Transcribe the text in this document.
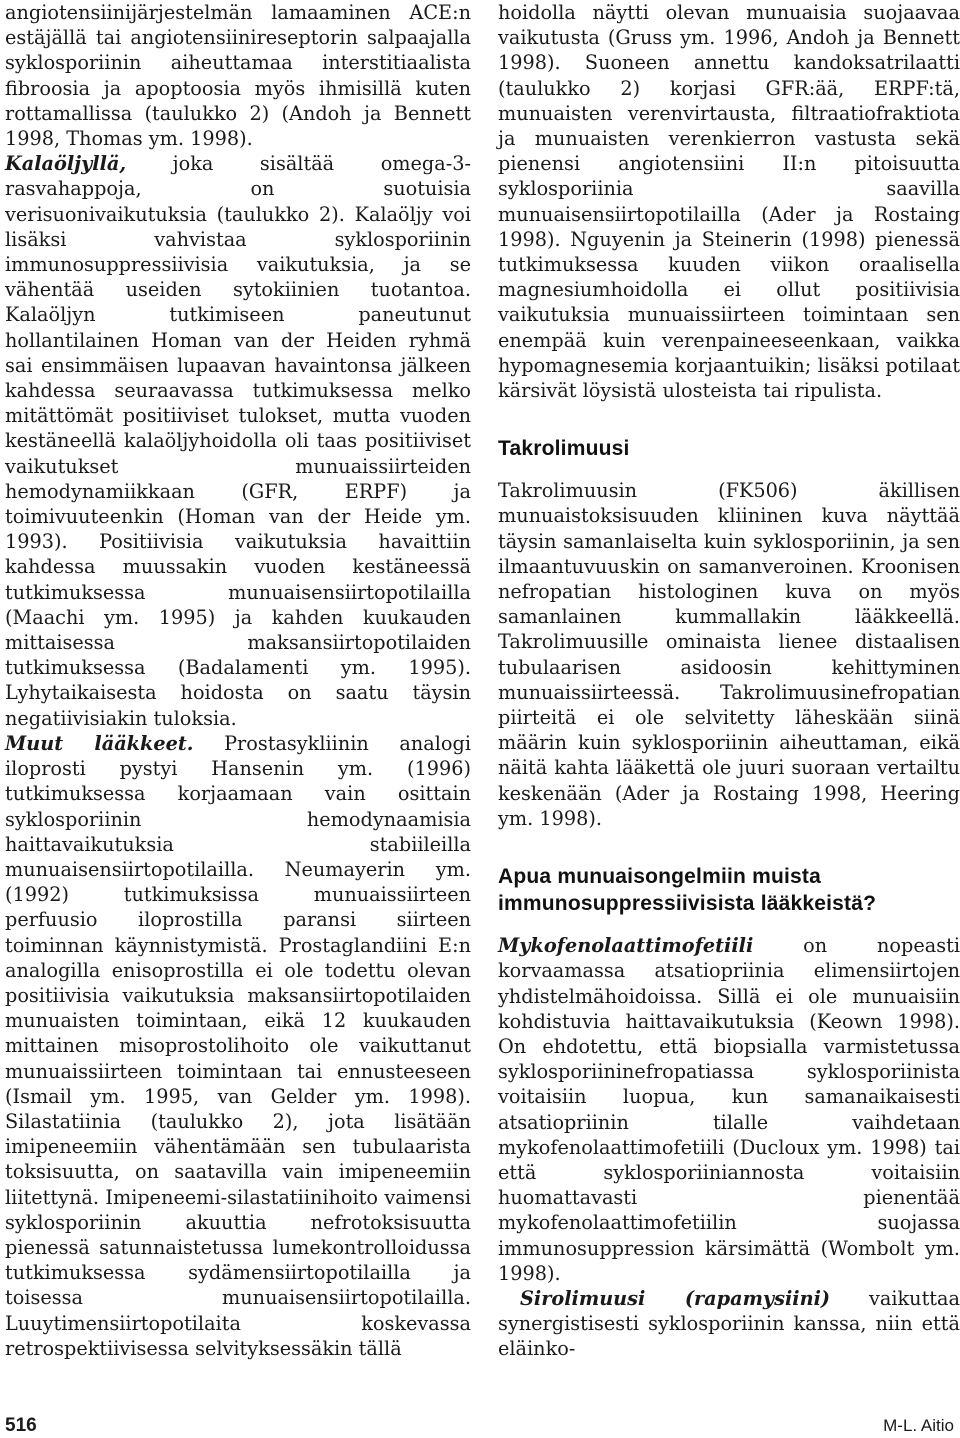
angiotensiinijärjestelmän lamaaminen ACE:n estäjällä tai angiotensiinireseptorin salpaajalla syklosporiinin aiheuttamaa interstitiaalista fibroosia ja apoptoosia myös ihmisillä kuten rottamallissa (taulukko 2) (Andoh ja Bennett 1998, Thomas ym. 1998).

Kalaöljyllä, joka sisältää omega-3-rasvahappoja, on suotuisia verisuonivaikutuksia (taulukko 2). Kalaöljy voi lisäksi vahvistaa syklosporiinin immunosuppressiivisia vaikutuksia, ja se vähentää useiden sytokiinien tuotantoa. Kalaöljyn tutkimiseen paneutunut hollantilainen Homan van der Heiden ryhmä sai ensimmäisen lupaavan havaintonsa jälkeen kahdessa seuraavassa tutkimuksessa melko mitättömät positiiviset tulokset, mutta vuoden kestäneellä kalaöljyhoidolla oli taas positiiviset vaikutukset munuaissiirteiden hemodynamiikkaan (GFR, ERPF) ja toimivuuteenkin (Homan van der Heide ym. 1993). Positiivisia vaikutuksia havaittiin kahdessa muussakin vuoden kestäneessä tutkimuksessa munuaisensiirtopotilailla (Maachi ym. 1995) ja kahden kuukauden mittaisessa maksansiirtopotilaiden tutkimuksessa (Badalamenti ym. 1995). Lyhytaikaisesta hoidosta on saatu täysin negatiivisiakin tuloksia.

Muut lääkkeet. Prostasykliinin analogi iloprosti pystyi Hansenin ym. (1996) tutkimuksessa korjaamaan vain osittain syklosporiinin hemodynaamisia haittavaikutuksia stabiileilla munuaisensiirtopotilailla. Neumayerin ym. (1992) tutkimuksissa munuaissiirteen perfuusio iloprostilla paransi siirteen toiminnan käynnistymistä. Prostaglandiini E:n analogilla enisoprostilla ei ole todettu olevan positiivisia vaikutuksia maksansiirtopotilaiden munuaisten toimintaan, eikä 12 kuukauden mittainen misoprostolihoito ole vaikuttanut munuaissiirteen toimintaan tai ennusteeseen (Ismail ym. 1995, van Gelder ym. 1998). Silastatiinia (taulukko 2), jota lisätään imipeneemiin vähentämään sen tubulaarista toksisuutta, on saatavilla vain imipeneemiin liitettynä. Imipeneemi-silastatiinihoito vaimensi syklosporiinin akuuttia nefrotoksisuutta pienessä satunnaistetussa lumekontrolloidussa tutkimuksessa sydämensiirtopotilailla ja toisessa munuaisensiirtopotilailla. Luuytimensiirtopotilaita koskevassa retrospektiivisessa selvityksessäkin tällä

hoidolla näytti olevan munuaisia suojaavaa vaikutusta (Gruss ym. 1996, Andoh ja Bennett 1998). Suoneen annettu kandoksatrilaatti (taulukko 2) korjasi GFR:ää, ERPF:tä, munuaisten verenvirtausta, filtraatiofraktiota ja munuaisten verenkierron vastusta sekä pienensi angiotensiini II:n pitoisuutta syklosporiinia saavilla munuaisensiirtopotilailla (Ader ja Rostaing 1998). Nguyenin ja Steinerin (1998) pienessä tutkimuksessa kuuden viikon oraalisella magnesiumhoidolla ei ollut positiivisia vaikutuksia munuaissiirteen toimintaan sen enempää kuin verenpaineeseenkaan, vaikka hypomagnesemia korjaantuikin; lisäksi potilaat kärsivät löysistä ulosteista tai ripulista.

Takrolimuusi

Takrolimuusin (FK506) äkillisen munuaistoksisuuden kliininen kuva näyttää täysin samanlaiselta kuin syklosporiinin, ja sen ilmaantuvuuskin on samanveroinen. Kroonisen nefropatian histologinen kuva on myös samanlainen kummallakin lääkkeellä. Takrolimuusille ominaista lienee distaalisen tubulaarisen asidoosin kehittyminen munuaissiirteessä. Takrolimuusinefropatian piirteitä ei ole selvitetty läheskään siinä määrin kuin syklosporiinin aiheuttaman, eikä näitä kahta lääkettä ole juuri suoraan vertailtu keskenään (Ader ja Rostaing 1998, Heering ym. 1998).

Apua munuaisongelmiin muista
immunosuppressiivisista lääkkeistä?

Mykofenolaattimofetiili on nopeasti korvaamassa atsatiopriinia elimensiirtojen yhdistelmähoidoissa. Sillä ei ole munuaisiin kohdistuvia haittavaikutuksia (Keown 1998). On ehdotettu, että biopsialla varmistetussa syklosporiininefropatiassa syklosporiinista voitaisiin luopua, kun samanaikaisesti atsatiopriinin tilalle vaihdetaan mykofenolaattimofetiili (Ducloux ym. 1998) tai että syklosporiiniannosta voitaisiin huomattavasti pienentää mykofenolaattimofetiilin suojassa immunosuppression kärsimättä (Wombolt ym. 1998).

Sirolimuusi (rapamysiini) vaikuttaa synergistisesti syklosporiinin kanssa, niin että eläinko-

516	M-L. Aitio
